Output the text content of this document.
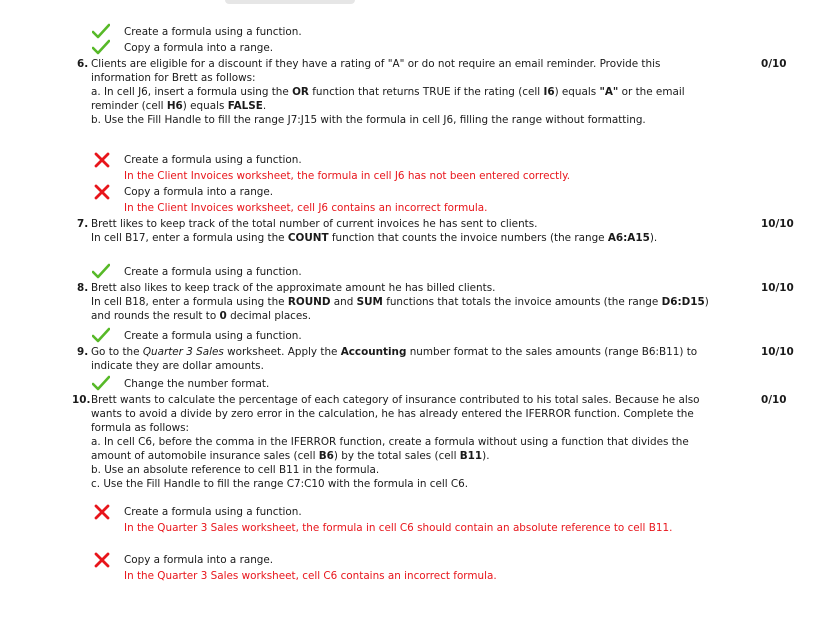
Create a formula using a function.
Copy a formula into a range.
6.	0/10
Clients are eligible for a discount if they have a rating of "A" or do not require an email reminder. Provide this
information for Brett as follows:
a. In cell J6, insert a formula using the OR function that returns TRUE if the rating (cell I6) equals "A" or the email
reminder (cell H6) equals FALSE.
b. Use the Fill Handle to fill the range J7:J15 with the formula in cell J6, filling the range without formatting.
Create a formula using a function.
In the Client Invoices worksheet, the formula in cell J6 has not been entered correctly.
Copy a formula into a range.
In the Client Invoices worksheet, cell J6 contains an incorrect formula.
7.	10/10
Brett likes to keep track of the total number of current invoices he has sent to clients.
In cell B17, enter a formula using the COUNT function that counts the invoice numbers (the range A6:A15).
Create a formula using a function.
8.	10/10
Brett also likes to keep track of the approximate amount he has billed clients.
In cell B18, enter a formula using the ROUND and SUM functions that totals the invoice amounts (the range D6:D15)
and rounds the result to 0 decimal places.
Create a formula using a function.
9.	10/10
Go to the Quarter 3 Sales worksheet. Apply the Accounting number format to the sales amounts (range B6:B11) to
indicate they are dollar amounts.
Change the number format.
10.	0/10
Brett wants to calculate the percentage of each category of insurance contributed to his total sales. Because he also
wants to avoid a divide by zero error in the calculation, he has already entered the IFERROR function. Complete the
formula as follows:
a. In cell C6, before the comma in the IFERROR function, create a formula without using a function that divides the
amount of automobile insurance sales (cell B6) by the total sales (cell B11).
b. Use an absolute reference to cell B11 in the formula.
c. Use the Fill Handle to fill the range C7:C10 with the formula in cell C6.
Create a formula using a function.
In the Quarter 3 Sales worksheet, the formula in cell C6 should contain an absolute reference to cell B11.
Copy a formula into a range.
In the Quarter 3 Sales worksheet, cell C6 contains an incorrect formula.
